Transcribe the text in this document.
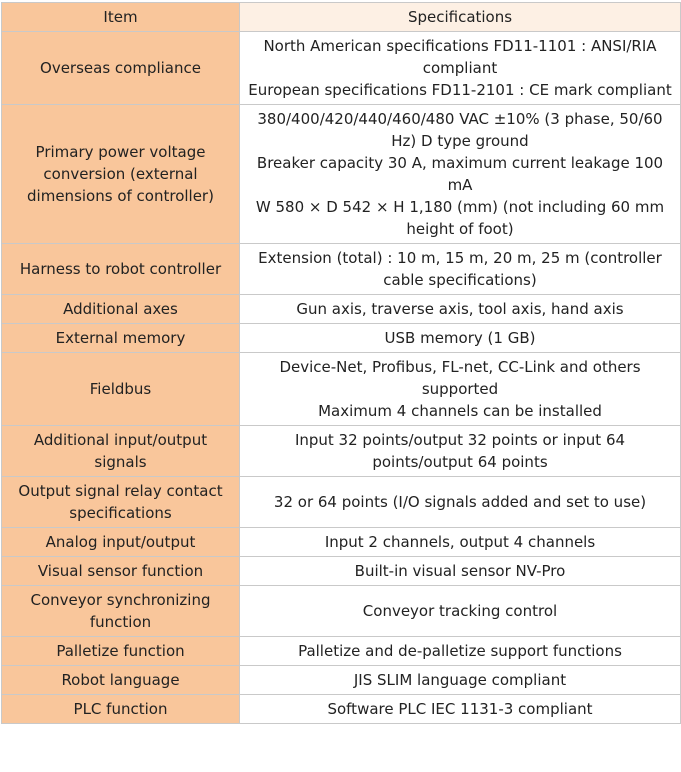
Item	Specifications
Overseas compliance	North American specifications FD11-1101 : ANSI/RIA compliant
European specifications FD11-2101 : CE mark compliant

Primary power voltage conversion (external dimensions of controller)	380/400/420/440/460/480 VAC ±10% (3 phase, 50/60 Hz) D type ground
Breaker capacity 30 A, maximum current leakage 100 mA
W 580 × D 542 × H 1,180 (mm) (not including 60 mm height of foot)

Harness to robot controller	Extension (total) : 10 m, 15 m, 20 m, 25 m (controller cable specifications)

Additional axes	Gun axis, traverse axis, tool axis, hand axis

External memory	USB memory (1 GB)

Fieldbus	Device-Net, Profibus, FL-net, CC-Link and others supported
Maximum 4 channels can be installed

Additional input/output signals	Input 32 points/output 32 points or input 64 points/output 64 points

Output signal relay contact specifications	32 or 64 points (I/O signals added and set to use)

Analog input/output	Input 2 channels, output 4 channels

Visual sensor function	Built-in visual sensor NV-Pro

Conveyor synchronizing function	Conveyor tracking control

Palletize function	Palletize and de-palletize support functions

Robot language	JIS SLIM language compliant

PLC function	Software PLC IEC 1131-3 compliant
